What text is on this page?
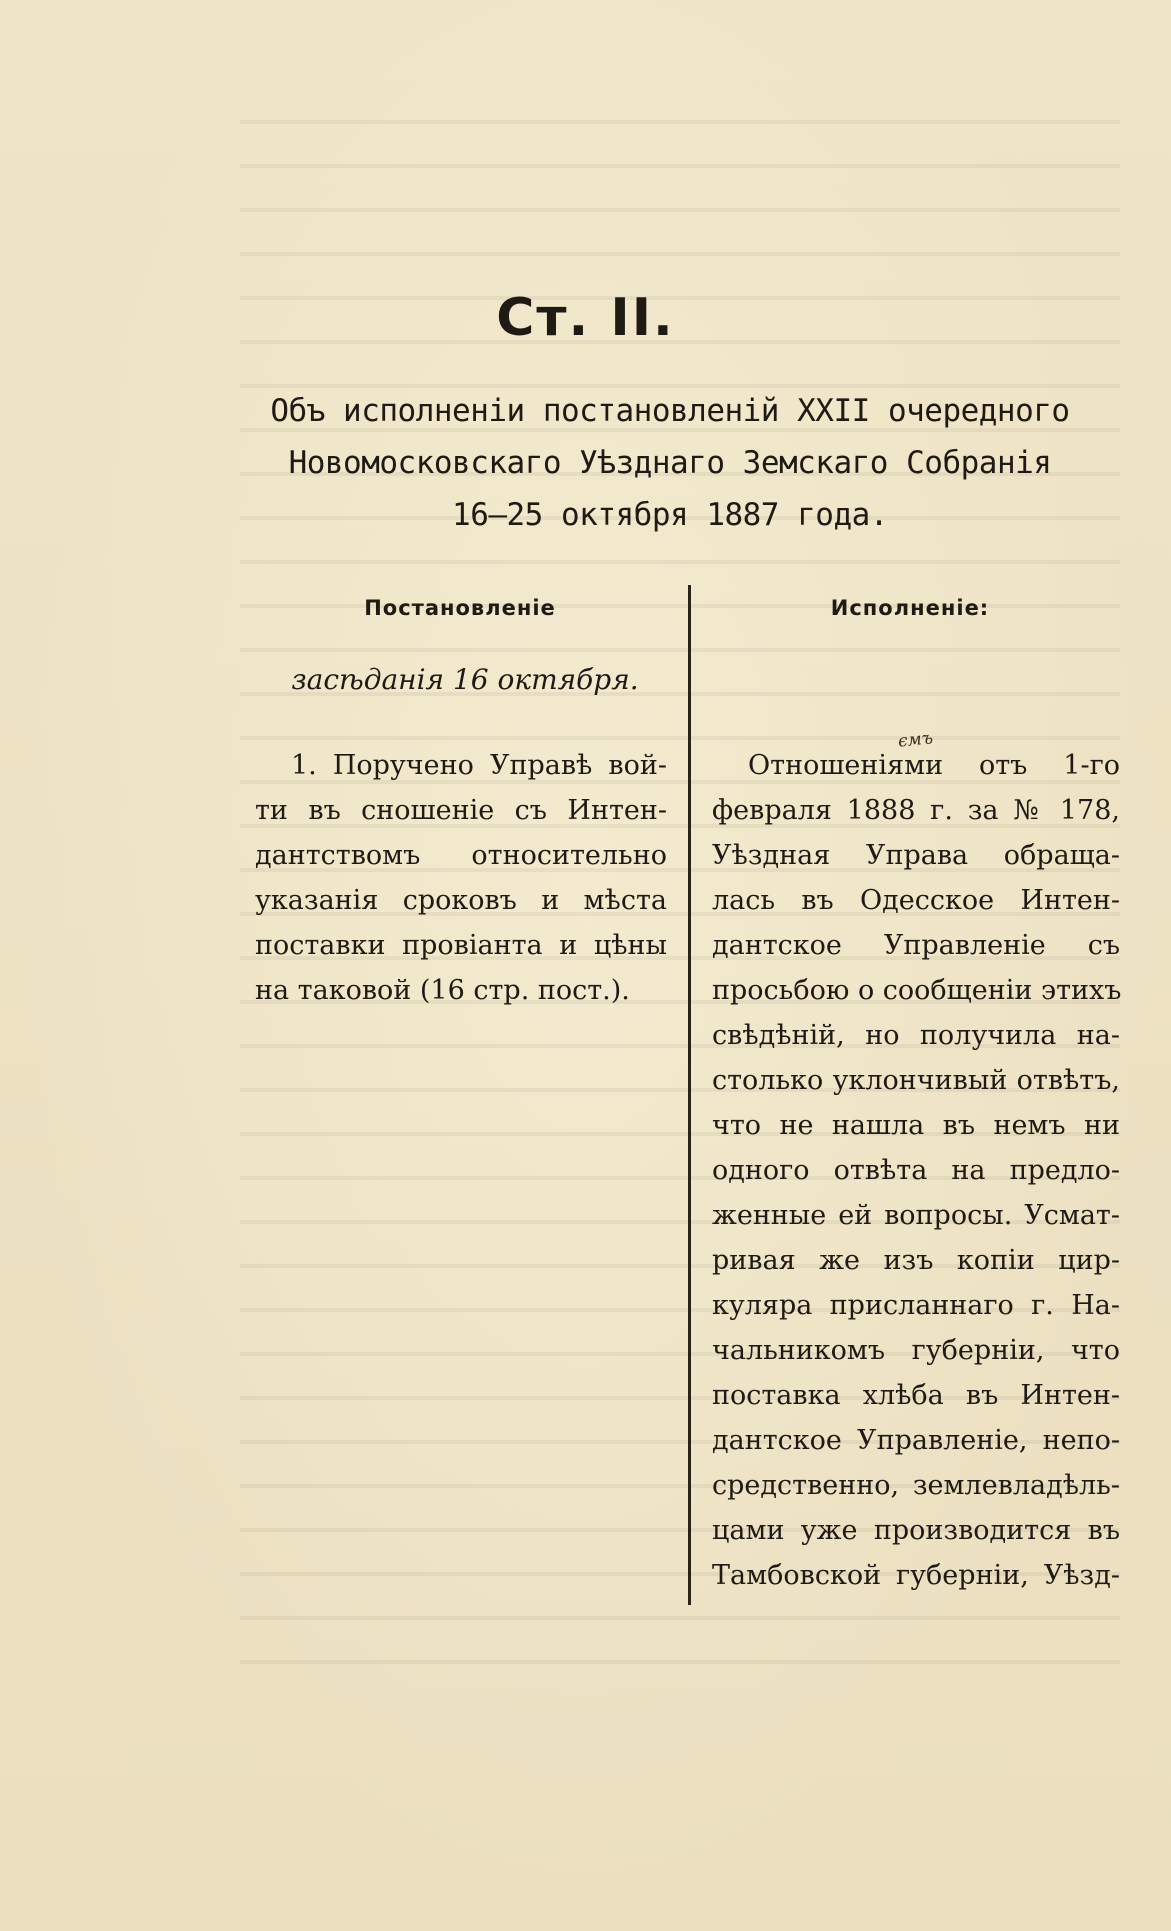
Ст. II.
Объ исполненіи постановленій XXII очередного
Новомосковскаго Уѣзднаго Земскаго Собранія
16—25 октября 1887 года.
Постановленіе	Исполненіе:
засѣданія 16 октября.
1. Поручено Управѣ вой-
ти въ сношеніе съ Интен-
дантствомъ относительно
указанія сроковъ и мѣста
поставки провіанта и цѣны
на таковой (16 стр. пост.).
ємъ
Отношеніями отъ 1-го
февраля 1888 г. за № 178,
Уѣздная Управа обраща-
лась въ Одесское Интен-
дантское Управленіе съ
просьбою о сообщеніи этихъ
свѣдѣній, но получила на-
столько уклончивый отвѣтъ,
что не нашла въ немъ ни
одного отвѣта на предло-
женные ей вопросы. Усмат-
ривая же изъ копіи цир-
куляра присланнаго г. На-
чальникомъ губерніи, что
поставка хлѣба въ Интен-
дантское Управленіе, непо-
средственно, землевладѣль-
цами уже производится въ
Тамбовской губерніи, Уѣзд-
